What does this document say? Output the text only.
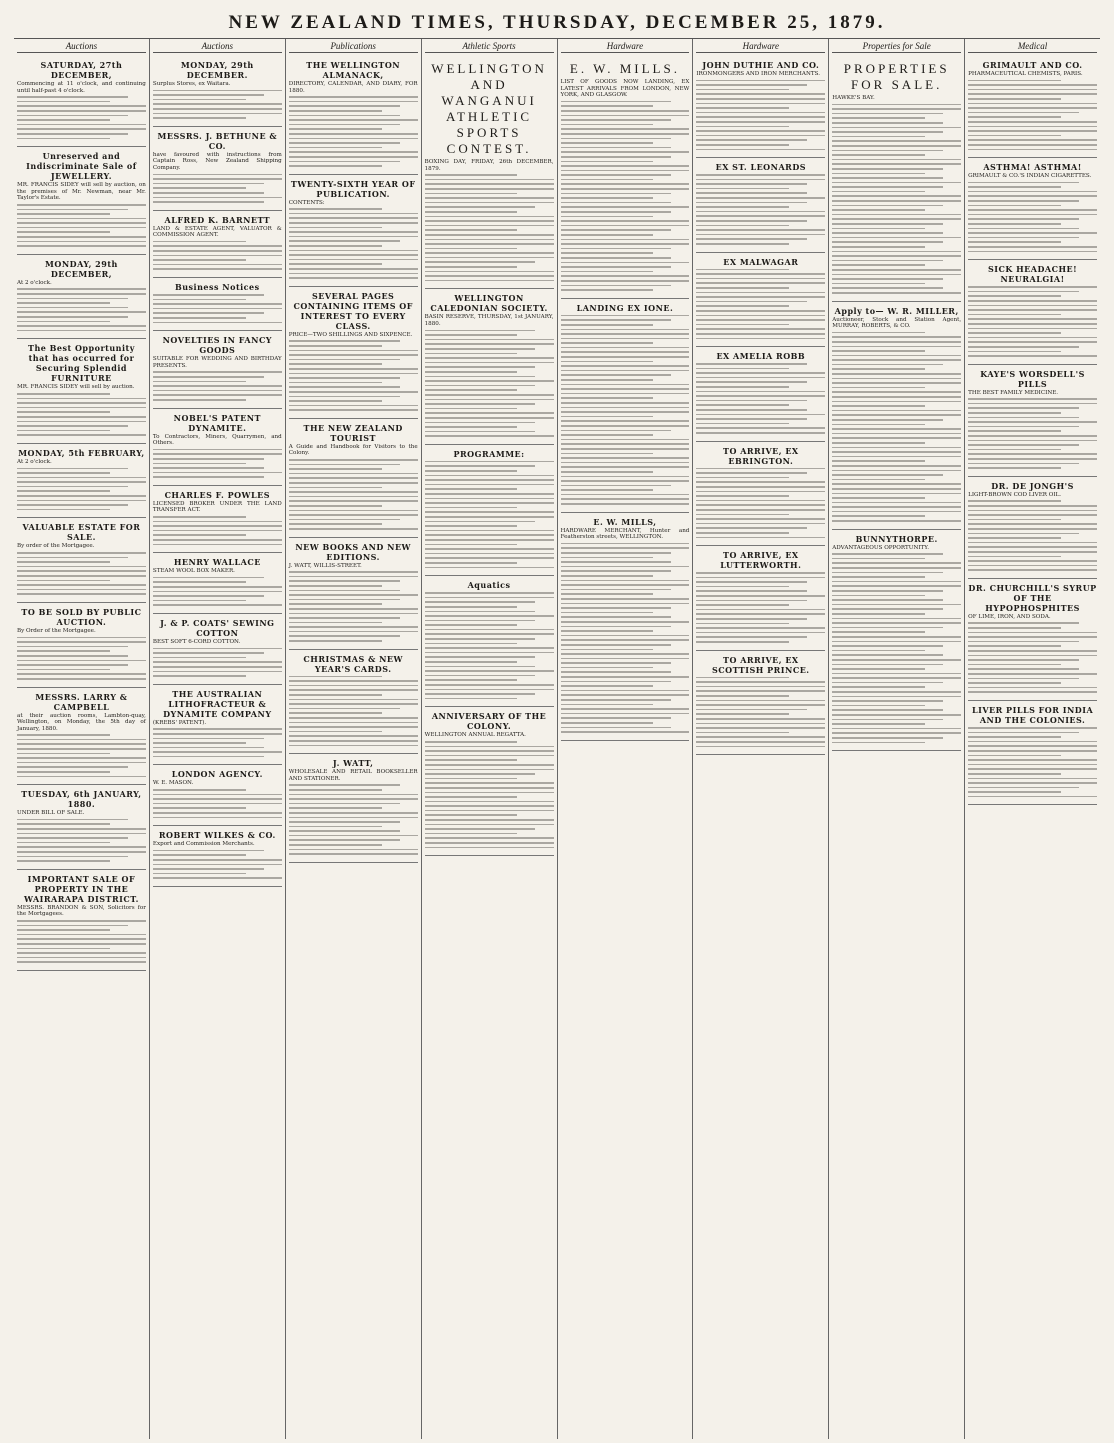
NEW ZEALAND TIMES, THURSDAY, DECEMBER 25, 1879.
Auctions
SATURDAY, 27th DECEMBER,
Commencing at 11 o'clock, and continuing until half-past 4 o'clock.
Unreserved and Indiscriminate Sale of JEWELLERY.
MR. FRANCIS SIDEY will sell by auction, on the premises of Mr. Newman, near Mr. Taylor's Estate.
MONDAY, 29th DECEMBER,
At 2 o'clock.
The Best Opportunity that has occurred for Securing Splendid FURNITURE
MR. FRANCIS SIDEY will sell by auction.
MONDAY, 5th FEBRUARY,
At 2 o'clock.
VALUABLE ESTATE FOR SALE.
By order of the Mortgagee.
TO BE SOLD BY PUBLIC AUCTION.
By Order of the Mortgagee.
MESSRS. LARRY & CAMPBELL
at their auction rooms, Lambton-quay, Wellington, on Monday, the 5th day of January, 1880.
TUESDAY, 6th JANUARY, 1880.
UNDER BILL OF SALE.
IMPORTANT SALE OF PROPERTY IN THE WAIRARAPA DISTRICT.
MESSRS. BRANDON & SON, Solicitors for the Mortgagees.
Auctions
MONDAY, 29th DECEMBER.
Surplus Stores, ex Waitara.
MESSRS. J. BETHUNE & CO.
have favoured with instructions from Captain Ross, New Zealand Shipping Company.
ALFRED K. BARNETT
LAND & ESTATE AGENT, VALUATOR & COMMISSION AGENT.
Business Notices
NOVELTIES IN FANCY GOODS
SUITABLE FOR WEDDING AND BIRTHDAY PRESENTS.
NOBEL'S PATENT DYNAMITE.
To Contractors, Miners, Quarrymen, and Others.
CHARLES F. POWLES
LICENSED BROKER UNDER THE LAND TRANSFER ACT.
HENRY WALLACE
STEAM WOOL BOX MAKER.
J. & P. COATS' SEWING COTTON
BEST SOFT 6-CORD COTTON.
THE AUSTRALIAN LITHOFRACTEUR & DYNAMITE COMPANY
(KREBS' PATENT).
LONDON AGENCY.
W. E. MASON.
ROBERT WILKES & CO.
Export and Commission Merchants.
Publications
THE WELLINGTON ALMANACK,
DIRECTORY, CALENDAR, AND DIARY, FOR 1880.
TWENTY-SIXTH YEAR OF PUBLICATION.
CONTENTS:
SEVERAL PAGES CONTAINING ITEMS OF INTEREST TO EVERY CLASS.
PRICE—TWO SHILLINGS AND SIXPENCE.
THE NEW ZEALAND TOURIST
A Guide and Handbook for Visitors to the Colony.
NEW BOOKS AND NEW EDITIONS.
J. WATT, WILLIS-STREET.
CHRISTMAS & NEW YEAR'S CARDS.
J. WATT,
WHOLESALE AND RETAIL BOOKSELLER AND STATIONER.
Athletic Sports
WELLINGTON AND WANGANUI ATHLETIC SPORTS CONTEST.
BOXING DAY, FRIDAY, 26th DECEMBER, 1879.
WELLINGTON CALEDONIAN SOCIETY.
BASIN RESERVE, THURSDAY, 1st JANUARY, 1880.
PROGRAMME:
Aquatics
ANNIVERSARY OF THE COLONY.
WELLINGTON ANNUAL REGATTA.
Hardware
E. W. MILLS.
LIST OF GOODS NOW LANDING, EX LATEST ARRIVALS FROM LONDON, NEW YORK, AND GLASGOW.
LANDING EX IONE.
E. W. MILLS,
HARDWARE MERCHANT, Hunter and Featherston streets, WELLINGTON.
Hardware
JOHN DUTHIE AND CO.
IRONMONGERS AND IRON MERCHANTS.
EX ST. LEONARDS
EX MALWAGAR
EX AMELIA ROBB
TO ARRIVE, EX EBRINGTON.
TO ARRIVE, EX LUTTERWORTH.
TO ARRIVE, EX SCOTTISH PRINCE.
Properties for Sale
PROPERTIES FOR SALE.
HAWKE'S BAY.
Apply to— W. R. MILLER,
Auctioneer, Stock and Station Agent, MURRAY, ROBERTS, & CO.
BUNNYTHORPE.
ADVANTAGEOUS OPPORTUNITY.
Medical
GRIMAULT AND CO.
PHARMACEUTICAL CHEMISTS, PARIS.
ASTHMA! ASTHMA!
GRIMAULT & CO.'S INDIAN CIGARETTES.
SICK HEADACHE! NEURALGIA!
KAYE'S WORSDELL'S PILLS
THE BEST FAMILY MEDICINE.
DR. DE JONGH'S
LIGHT-BROWN COD LIVER OIL.
DR. CHURCHILL'S SYRUP OF THE HYPOPHOSPHITES
OF LIME, IRON, AND SODA.
LIVER PILLS FOR INDIA AND THE COLONIES.
